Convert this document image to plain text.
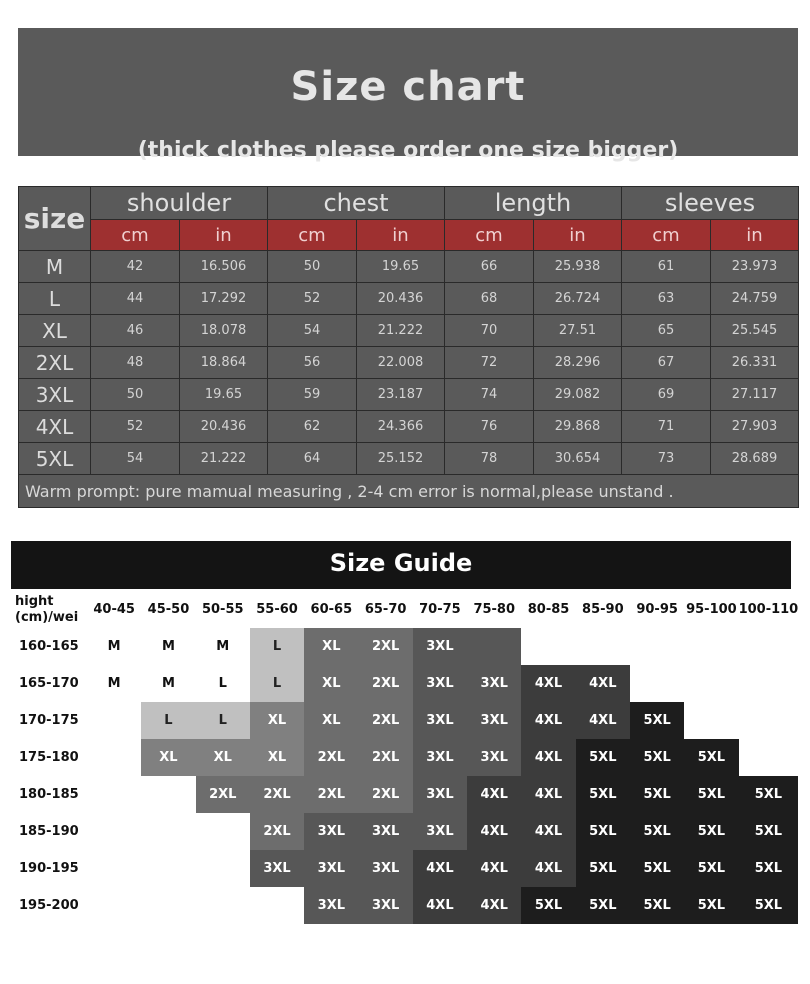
Size chart
(thick clothes please order one size bigger)
size	shoulder		chest		length		sleeves	
	cm	in	cm	in	cm	in	cm	in
M	42	16.506	50	19.65	66	25.938	61	23.973
L	44	17.292	52	20.436	68	26.724	63	24.759
XL	46	18.078	54	21.222	70	27.51	65	25.545
2XL	48	18.864	56	22.008	72	28.296	67	26.331
3XL	50	19.65	59	23.187	74	29.082	69	27.117
4XL	52	20.436	62	24.366	76	29.868	71	27.903
5XL	54	21.222	64	25.152	78	30.654	73	28.689
Warm prompt: pure mamual measuring , 2-4 cm error is normal,please unstand .								
Size Guide
hight
(cm)/wei	40-45	45-50	50-55	55-60	60-65	65-70	70-75	75-80	80-85	85-90	90-95	95-100	100-110
160-165	M	M	M	L	XL	2XL	3XL						
165-170	M	M	L	L	XL	2XL	3XL	3XL	4XL	4XL			
170-175		L	L	XL	XL	2XL	3XL	3XL	4XL	4XL	5XL		
175-180		XL	XL	XL	2XL	2XL	3XL	3XL	4XL	5XL	5XL	5XL	
180-185			2XL	2XL	2XL	2XL	3XL	4XL	4XL	5XL	5XL	5XL	5XL
185-190				2XL	3XL	3XL	3XL	4XL	4XL	5XL	5XL	5XL	5XL
190-195				3XL	3XL	3XL	4XL	4XL	4XL	5XL	5XL	5XL	5XL
195-200					3XL	3XL	4XL	4XL	5XL	5XL	5XL	5XL	5XL
